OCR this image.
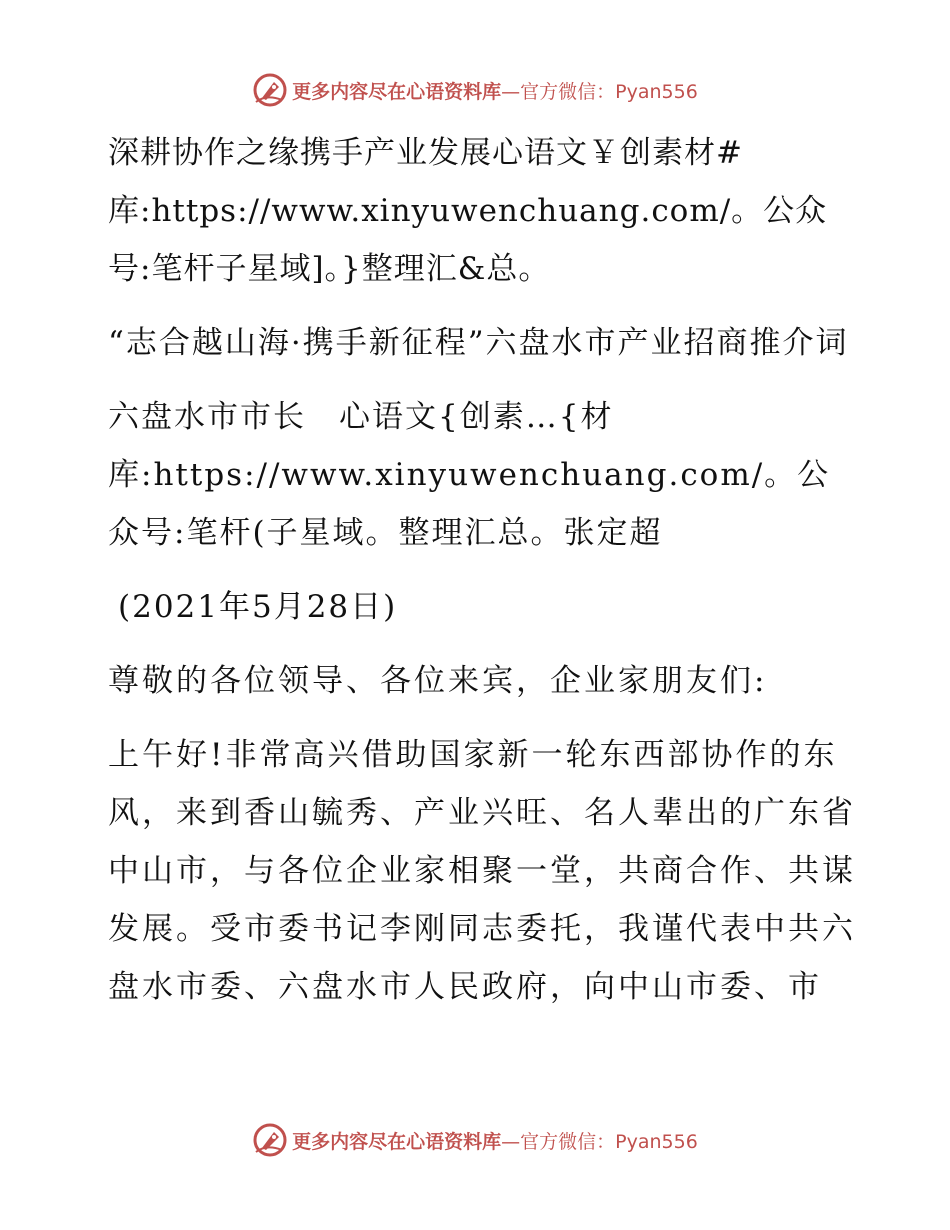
更多内容尽在心语资料库 —官方微信：Pyan556

深耕协作之缘携手产业发展心语文￥创素材#库:https://www.xinyuwenchuang.com/。公众号:笔杆子星域]。}整理汇&总。

“志合越山海·携手新征程”六盘水市产业招商推介词

六盘水市市长　心语文{创素…{材库:https://www.xinyuwenchuang.com/。公众号:笔杆(子星域。整理汇总。张定超

(2021年5月28日)

尊敬的各位领导、各位来宾，企业家朋友们:

上午好!非常高兴借助国家新一轮东西部协作的东风，来到香山毓秀、产业兴旺、名人辈出的广东省中山市，与各位企业家相聚一堂，共商合作、共谋发展。受市委书记李刚同志委托，我谨代表中共六盘水市委、六盘水市人民政府，向中山市委、市

更多内容尽在心语资料库 —官方微信：Pyan556
